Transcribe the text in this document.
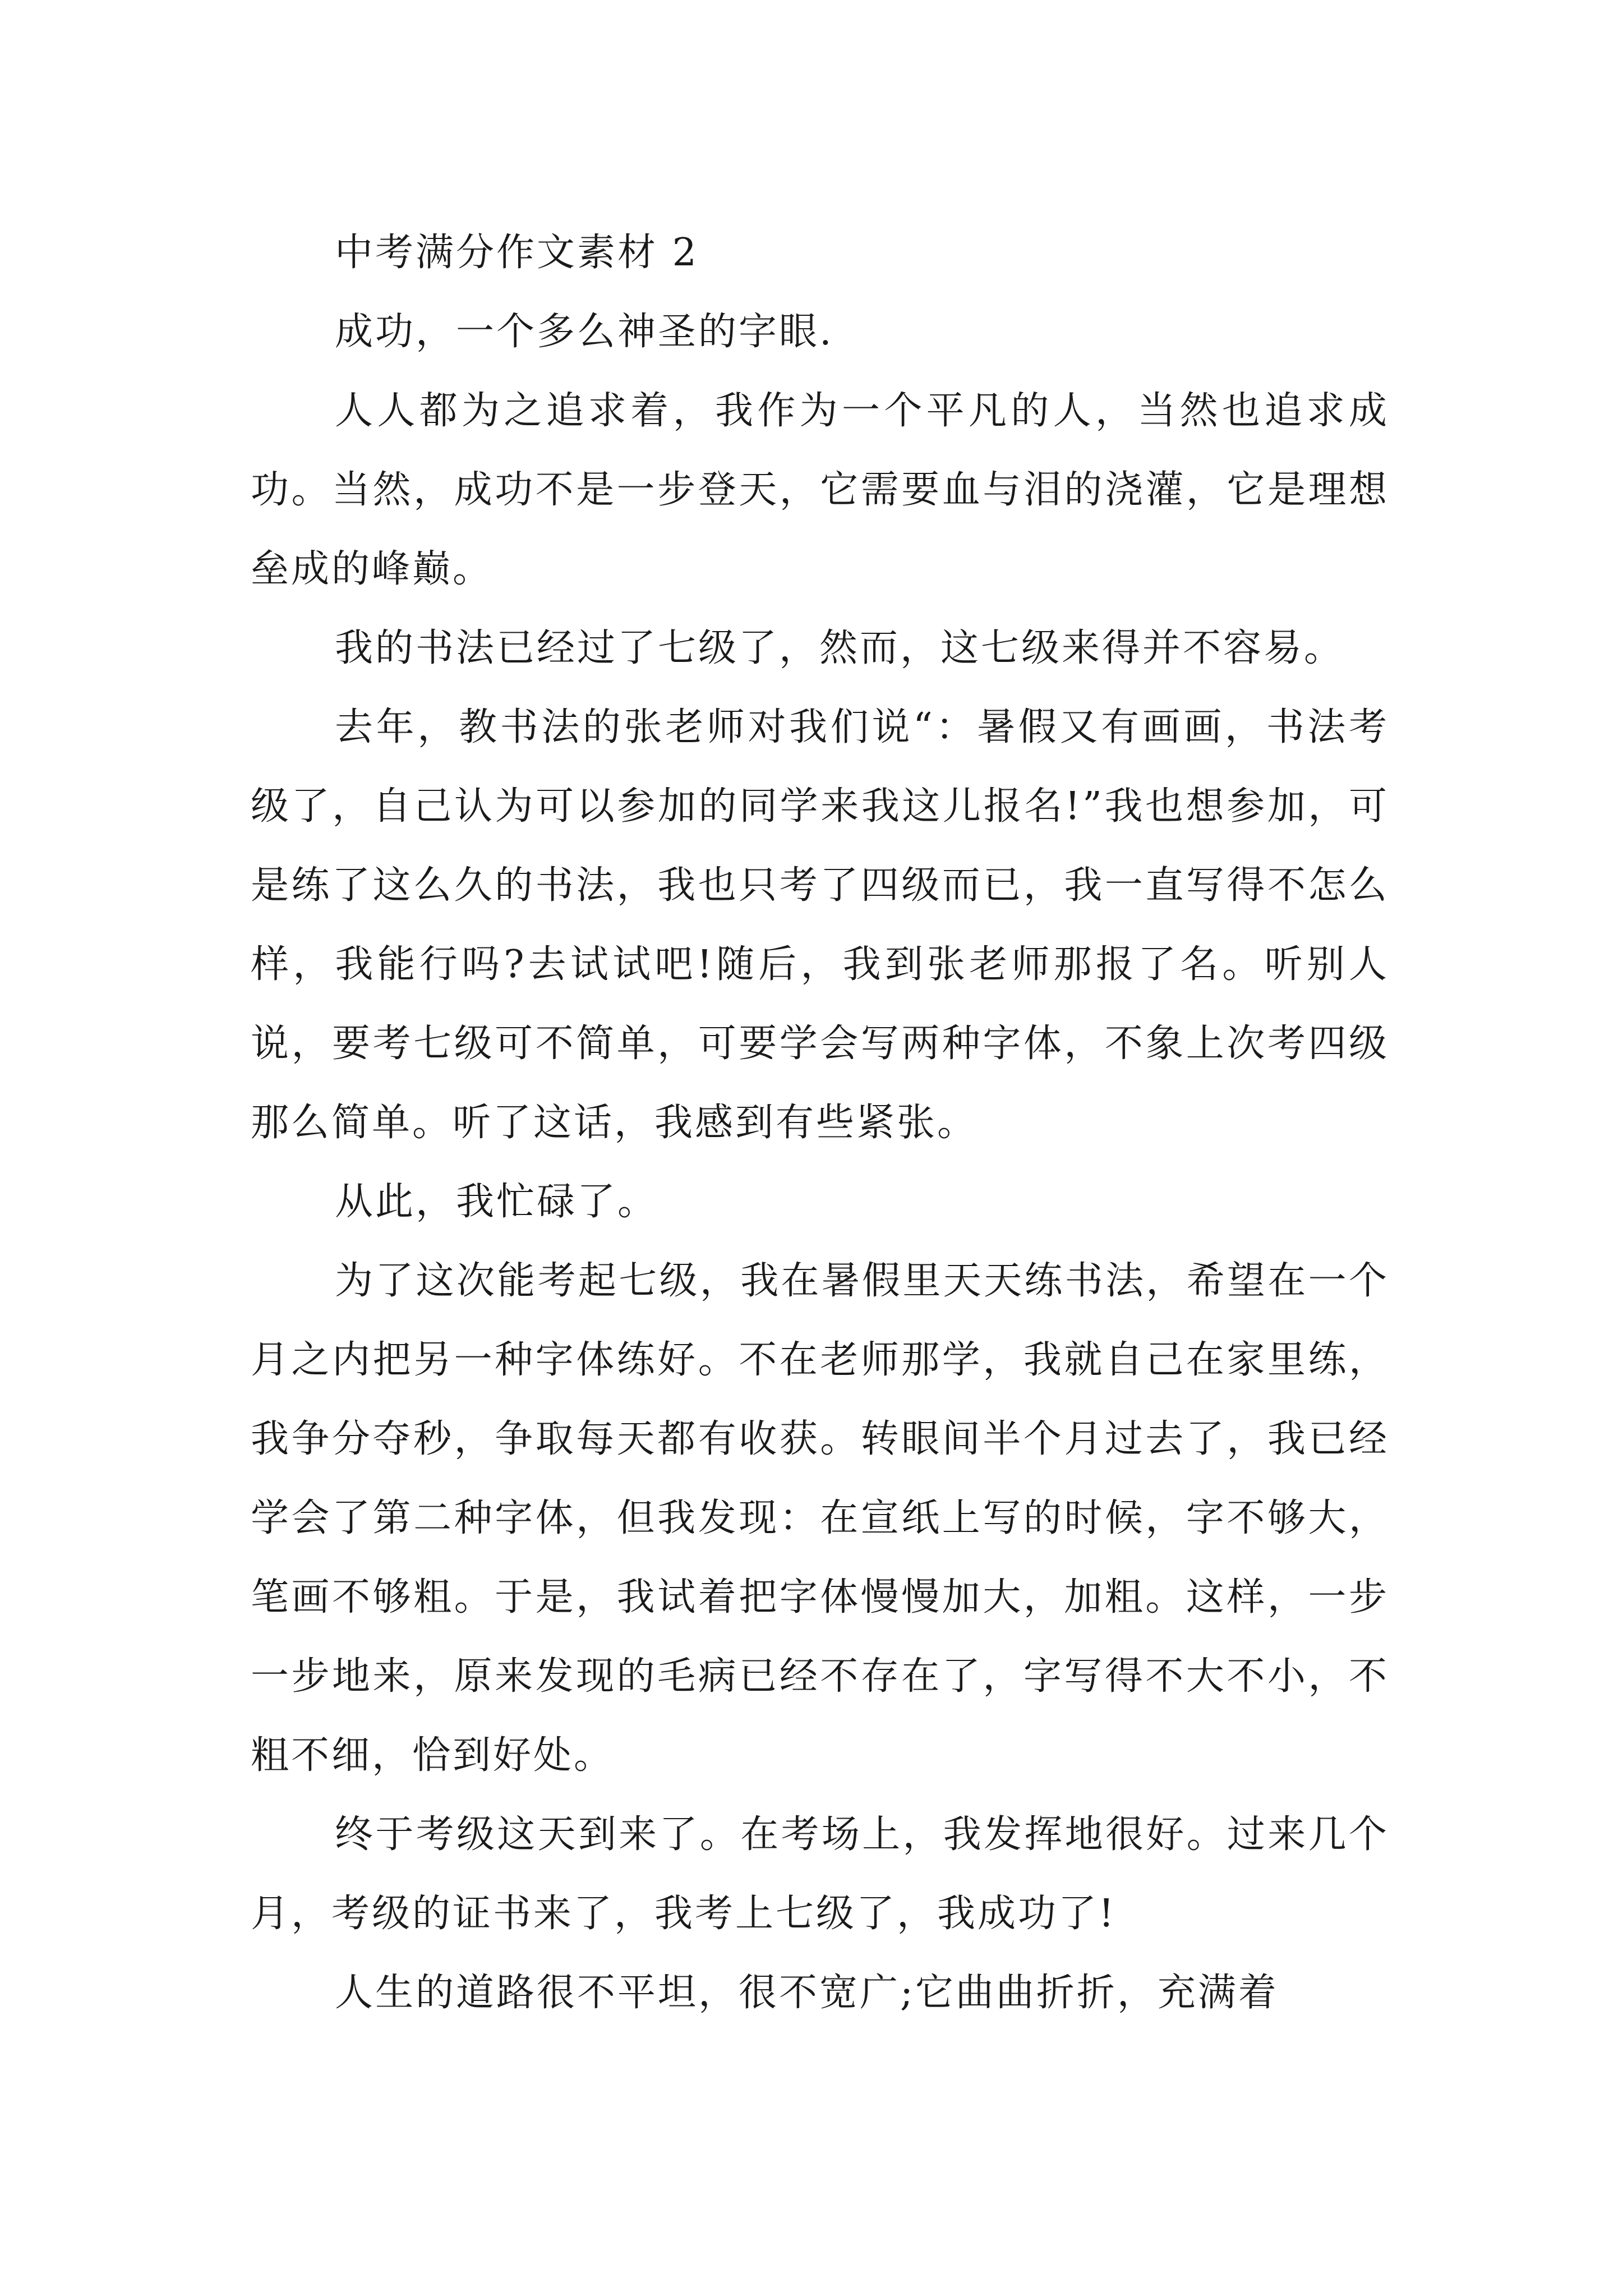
中考满分作文素材 2

成功，一个多么神圣的字眼.

人人都为之追求着，我作为一个平凡的人，当然也追求成功。当然，成功不是一步登天，它需要血与泪的浇灌，它是理想垒成的峰巅。

我的书法已经过了七级了，然而，这七级来得并不容易。

去年，教书法的张老师对我们说“：暑假又有画画，书法考级了，自己认为可以参加的同学来我这儿报名!”我也想参加，可是练了这么久的书法，我也只考了四级而已，我一直写得不怎么样，我能行吗?去试试吧!随后，我到张老师那报了名。听别人说，要考七级可不简单，可要学会写两种字体，不象上次考四级那么简单。听了这话，我感到有些紧张。

从此，我忙碌了。

为了这次能考起七级，我在暑假里天天练书法，希望在一个月之内把另一种字体练好。不在老师那学，我就自己在家里练，我争分夺秒，争取每天都有收获。转眼间半个月过去了，我已经学会了第二种字体，但我发现：在宣纸上写的时候，字不够大，笔画不够粗。于是，我试着把字体慢慢加大，加粗。这样，一步一步地来，原来发现的毛病已经不存在了，字写得不大不小，不粗不细，恰到好处。

终于考级这天到来了。在考场上，我发挥地很好。过来几个月，考级的证书来了，我考上七级了，我成功了!

人生的道路很不平坦，很不宽广;它曲曲折折，充满着
